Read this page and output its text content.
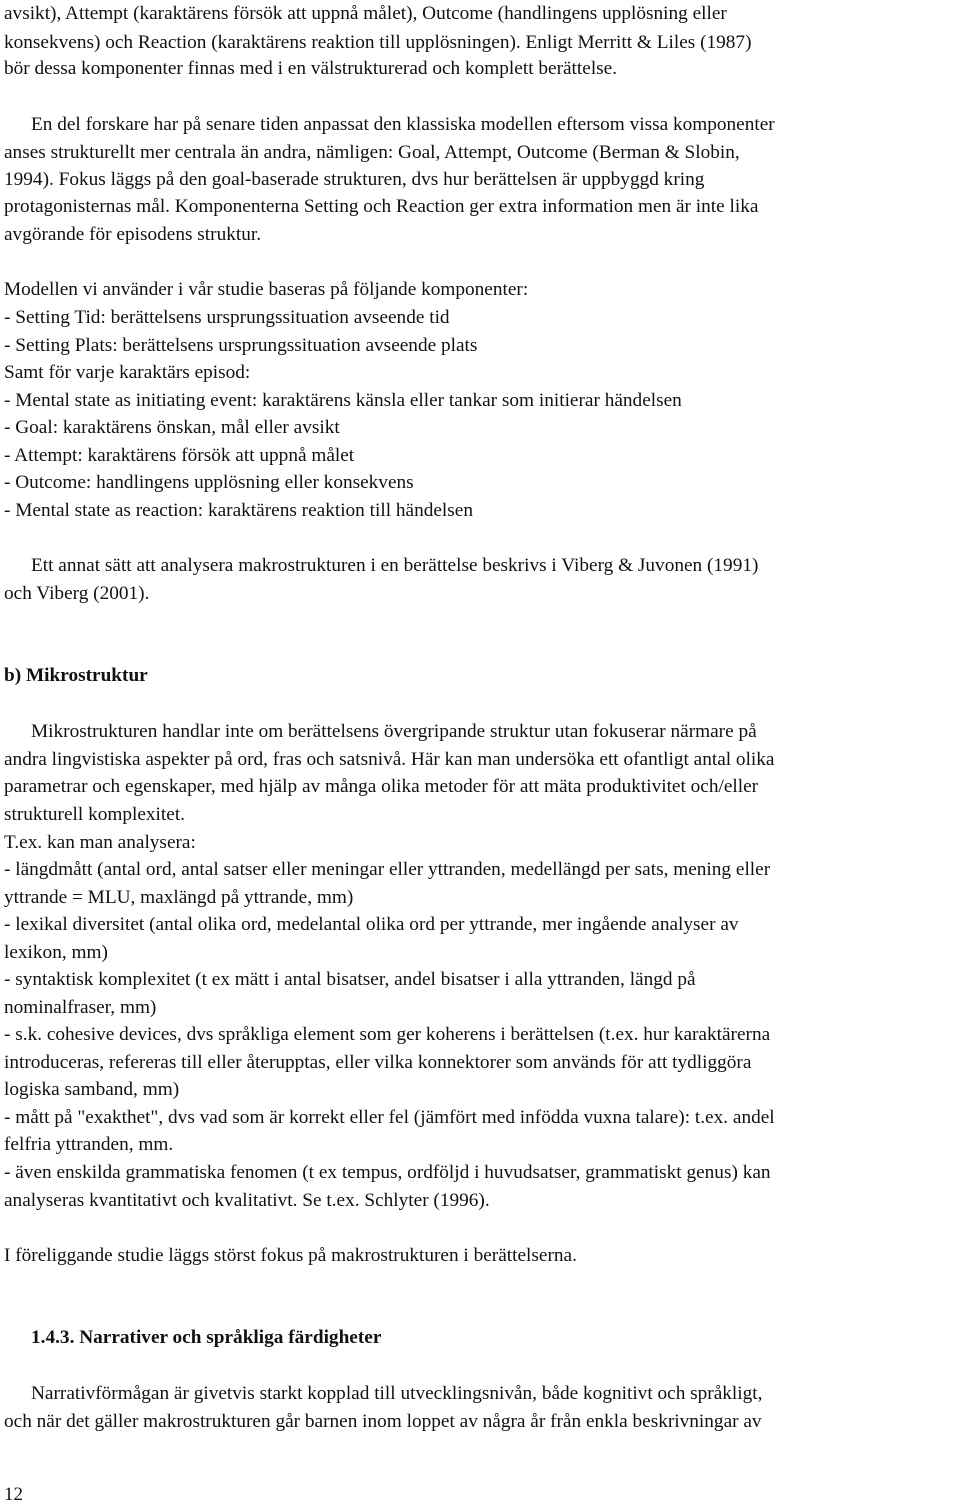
avsikt), Attempt (karaktärens försök att uppnå målet), Outcome (handlingens upplösning eller

konsekvens) och Reaction (karaktärens reaktion till upplösningen). Enligt Merritt & Liles (1987)

bör dessa komponenter finnas med i en välstrukturerad och komplett berättelse.

En del forskare har på senare tiden anpassat den klassiska modellen eftersom vissa komponenter

anses strukturellt mer centrala än andra, nämligen: Goal, Attempt, Outcome (Berman & Slobin,

1994). Fokus läggs på den goal-baserade strukturen, dvs hur berättelsen är uppbyggd kring

protagonisternas mål. Komponenterna Setting och Reaction ger extra information men är inte lika

avgörande för episodens struktur.

Modellen vi använder i vår studie baseras på följande komponenter:

- Setting Tid: berättelsens ursprungssituation avseende tid

- Setting Plats: berättelsens ursprungssituation avseende plats

Samt för varje karaktärs episod:

- Mental state as initiating event: karaktärens känsla eller tankar som initierar händelsen

- Goal: karaktärens önskan, mål eller avsikt

- Attempt: karaktärens försök att uppnå målet

- Outcome: handlingens upplösning eller konsekvens

- Mental state as reaction: karaktärens reaktion till händelsen

Ett annat sätt att analysera makrostrukturen i en berättelse beskrivs i Viberg & Juvonen (1991)

och Viberg (2001).

b) Mikrostruktur

Mikrostrukturen handlar inte om berättelsens övergripande struktur utan fokuserar närmare på

andra lingvistiska aspekter på ord, fras och satsnivå. Här kan man undersöka ett ofantligt antal olika

parametrar och egenskaper, med hjälp av många olika metoder för att mäta produktivitet och/eller

strukturell komplexitet.

T.ex. kan man analysera:

- längdmått (antal ord, antal satser eller meningar eller yttranden, medellängd per sats, mening eller

yttrande = MLU, maxlängd på yttrande, mm)

- lexikal diversitet (antal olika ord, medelantal olika ord per yttrande, mer ingående analyser av

lexikon, mm)

- syntaktisk komplexitet (t ex mätt i antal bisatser, andel bisatser i alla yttranden, längd på

nominalfraser, mm)

- s.k. cohesive devices, dvs språkliga element som ger koherens i berättelsen (t.ex. hur karaktärerna

introduceras, refereras till eller återupptas, eller vilka konnektorer som används för att tydliggöra

logiska samband, mm)

- mått på "exakthet", dvs vad som är korrekt eller fel (jämfört med infödda vuxna talare): t.ex. andel

felfria yttranden, mm.

- även enskilda grammatiska fenomen (t ex tempus, ordföljd i huvudsatser, grammatiskt genus) kan

analyseras kvantitativt och kvalitativt. Se t.ex. Schlyter (1996).

I föreliggande studie läggs störst fokus på makrostrukturen i berättelserna.

1.4.3. Narrativer och språkliga färdigheter

Narrativförmågan är givetvis starkt kopplad till utvecklingsnivån, både kognitivt och språkligt,

och när det gäller makrostrukturen går barnen inom loppet av några år från enkla beskrivningar av

12
